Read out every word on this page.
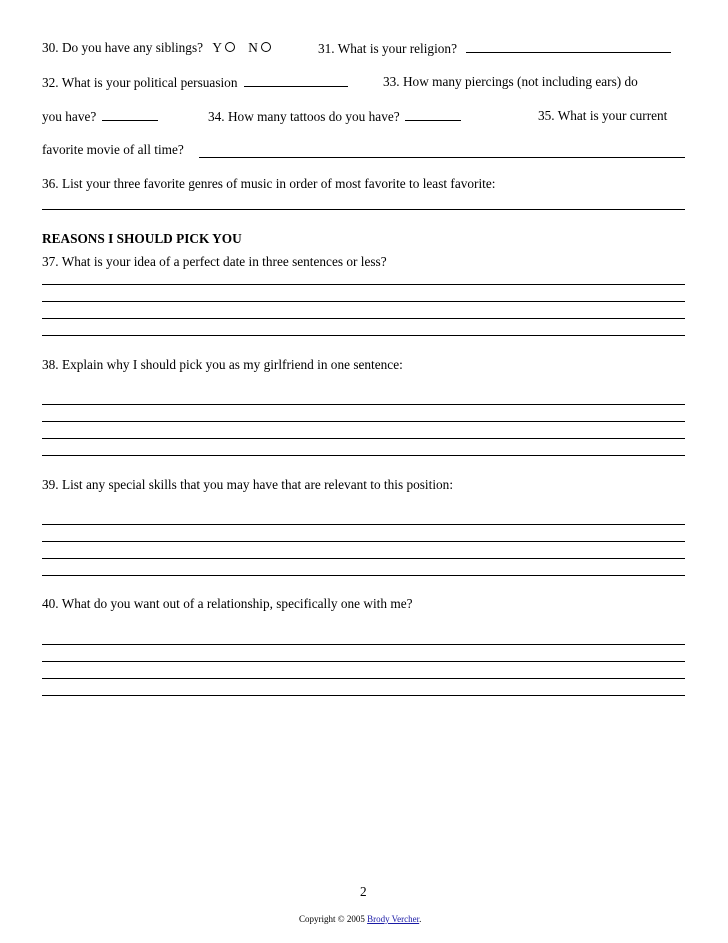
30. Do you have any siblings? Y N	31. What is your religion?
32. What is your political persuasion	33. How many piercings (not including ears) do
you have?	34. How many tattoos do you have?	35. What is your current
favorite movie of all time?
36. List your three favorite genres of music in order of most favorite to least favorite:
REASONS I SHOULD PICK YOU
37. What is your idea of a perfect date in three sentences or less?
38. Explain why I should pick you as my girlfriend in one sentence:
39. List any special skills that you may have that are relevant to this position:
40. What do you want out of a relationship, specifically one with me?
2
Copyright © 2005 Brody Vercher.
